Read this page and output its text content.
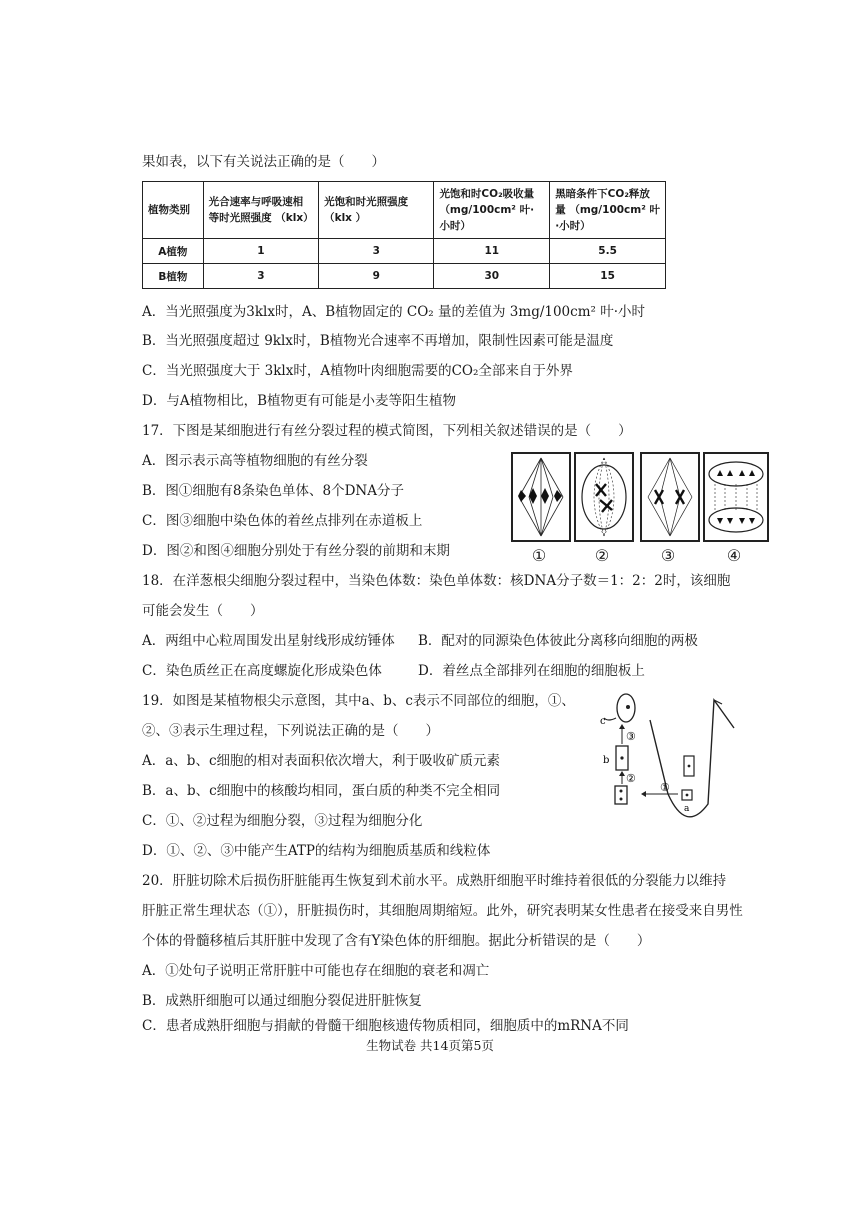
果如表，以下有关说法正确的是（　　）
植物类别	光合速率与呼吸速相等时光照强度 （klx）	光饱和时光照强度 （klx ）	光饱和时CO₂吸收量 （mg/100cm² 叶·小时）	黑暗条件下CO₂释放量 （mg/100cm² 叶·小时）
A植物	1	3	11	5.5
B植物	3	9	30	15
A．当光照强度为3klx时，A、B植物固定的 CO₂ 量的差值为 3mg/100cm² 叶·小时
B．当光照强度超过 9klx时，B植物光合速率不再增加，限制性因素可能是温度
C．当光照强度大于 3klx时，A植物叶肉细胞需要的CO₂全部来自于外界
D．与A植物相比，B植物更有可能是小麦等阳生植物
17．下图是某细胞进行有丝分裂过程的模式简图，下列相关叙述错误的是（　　）
A．图示表示高等植物细胞的有丝分裂
B．图①细胞有8条染色单体、8个DNA分子
C．图③细胞中染色体的着丝点排列在赤道板上
D．图②和图④细胞分别处于有丝分裂的前期和末期	①	②	③	④
18．在洋葱根尖细胞分裂过程中，当染色体数：染色单体数：核DNA分子数＝1：2：2时，该细胞
可能会发生（　　）
A．两组中心粒周围发出星射线形成纺锤体 B．配对的同源染色体彼此分离移向细胞的两极
C．染色质丝正在高度螺旋化形成染色体	D．着丝点全部排列在细胞的细胞板上
19．如图是某植物根尖示意图，其中a、b、c表示不同部位的细胞，①、
②、③表示生理过程，下列说法正确的是（　　）
A．a、b、c细胞的相对表面积依次增大，利于吸收矿质元素
B．a、b、c细胞中的核酸均相同，蛋白质的种类不完全相同
C．①、②过程为细胞分裂，③过程为细胞分化
D．①、②、③中能产生ATP的结构为细胞质基质和线粒体
c
③
b
②
①
a
20．肝脏切除术后损伤肝脏能再生恢复到术前水平。成熟肝细胞平时维持着很低的分裂能力以维持
肝脏正常生理状态（①），肝脏损伤时，其细胞周期缩短。此外，研究表明某女性患者在接受来自男性
个体的骨髓移植后其肝脏中发现了含有Y染色体的肝细胞。据此分析错误的是（　　）
A．①处句子说明正常肝脏中可能也存在细胞的衰老和凋亡
B．成熟肝细胞可以通过细胞分裂促进肝脏恢复
C．患者成熟肝细胞与捐献的骨髓干细胞核遗传物质相同，细胞质中的mRNA不同
生物试卷 共14页第5页
